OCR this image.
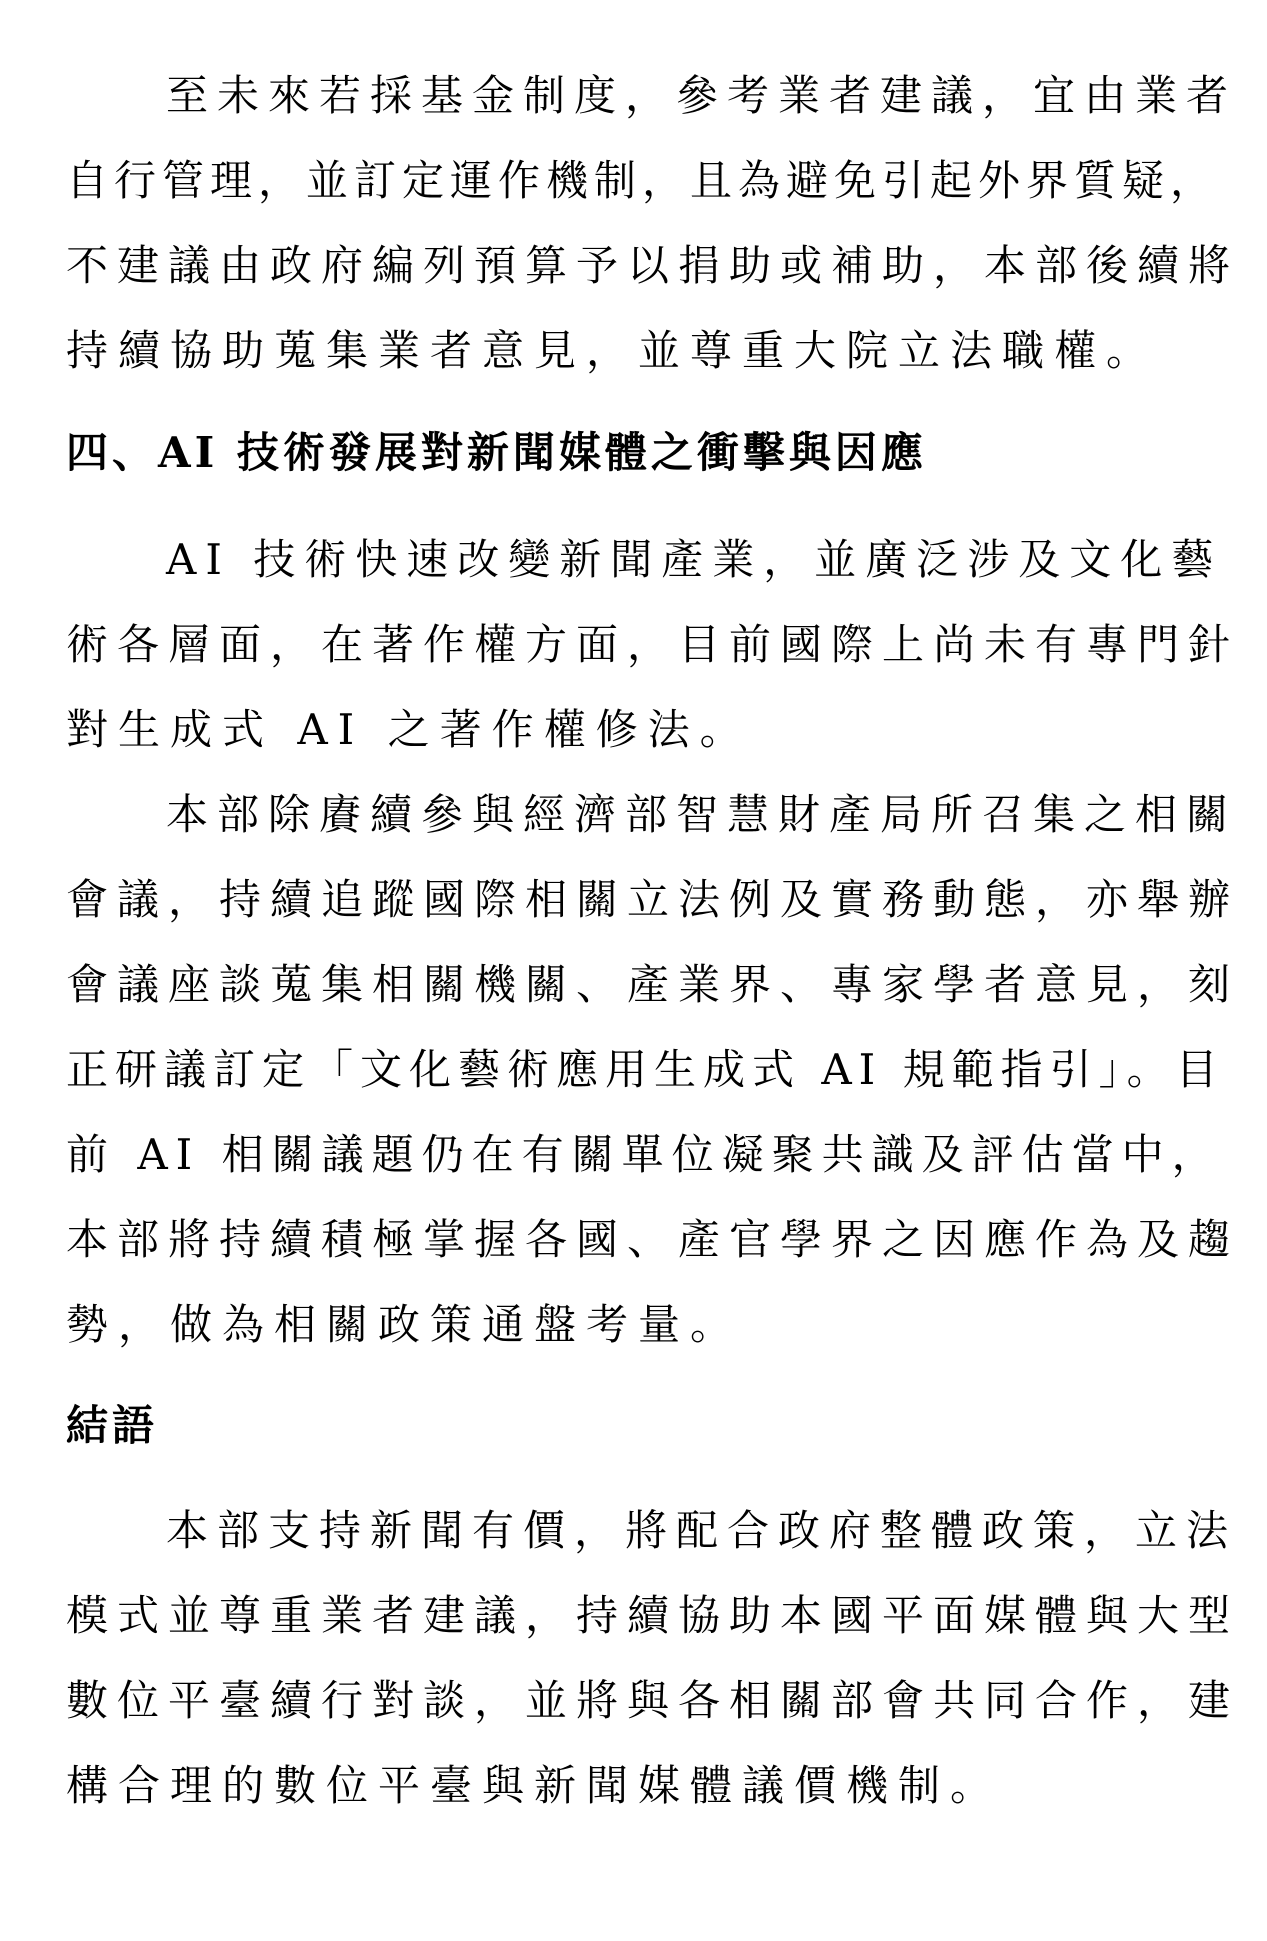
至未來若採基金制度，參考業者建議，宜由業者
自行管理，並訂定運作機制，且為避免引起外界質疑，
不建議由政府編列預算予以捐助或補助，本部後續將
持續協助蒐集業者意見，並尊重大院立法職權。
四、AI 技術發展對新聞媒體之衝擊與因應
AI 技術快速改變新聞產業，並廣泛涉及文化藝
術各層面，在著作權方面，目前國際上尚未有專門針
對生成式 AI 之著作權修法。
本部除賡續參與經濟部智慧財產局所召集之相關
會議，持續追蹤國際相關立法例及實務動態，亦舉辦
會議座談蒐集相關機關、產業界、專家學者意見，刻
正研議訂定「文化藝術應用生成式 AI 規範指引」。目
前 AI 相關議題仍在有關單位凝聚共識及評估當中，
本部將持續積極掌握各國、產官學界之因應作為及趨
勢，做為相關政策通盤考量。
結語
本部支持新聞有價，將配合政府整體政策，立法
模式並尊重業者建議，持續協助本國平面媒體與大型
數位平臺續行對談，並將與各相關部會共同合作，建
構合理的數位平臺與新聞媒體議價機制。
